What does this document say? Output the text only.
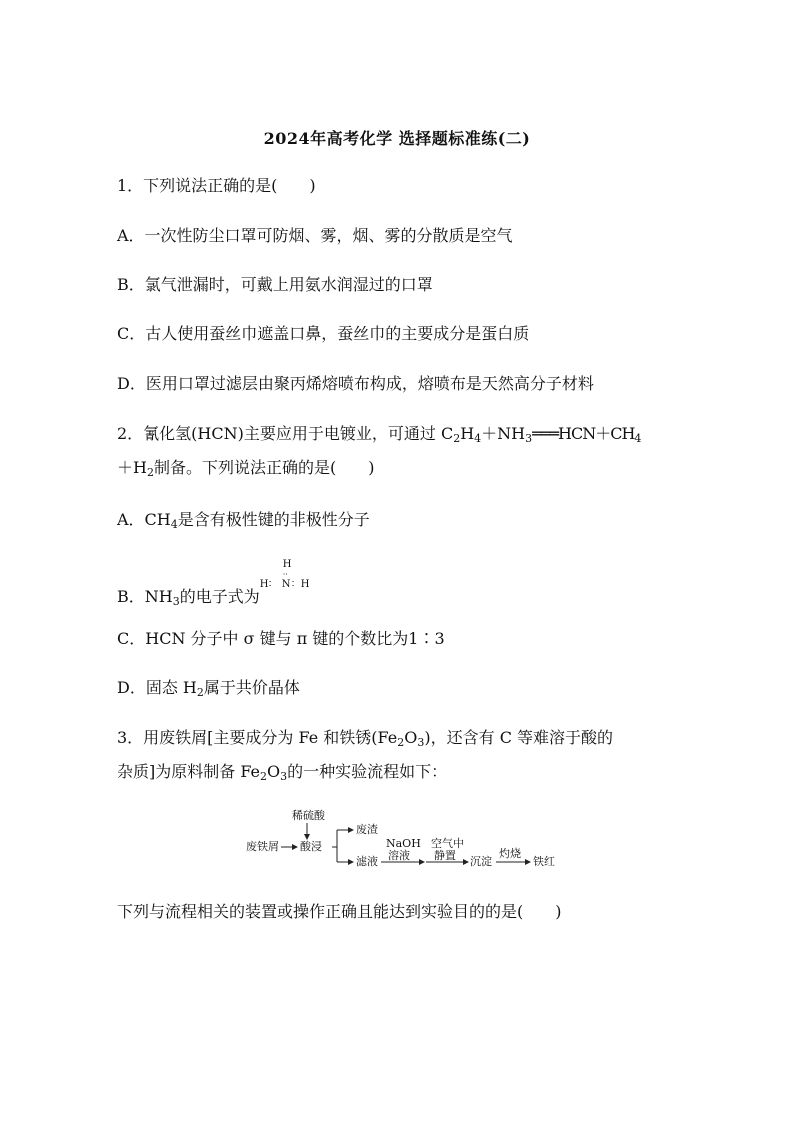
2024年高考化学 选择题标准练(二)
1．下列说法正确的是(　　)
A．一次性防尘口罩可防烟、雾，烟、雾的分散质是空气
B．氯气泄漏时，可戴上用氨水润湿过的口罩
C．古人使用蚕丝巾遮盖口鼻，蚕丝巾的主要成分是蛋白质
D．医用口罩过滤层由聚丙烯熔喷布构成，熔喷布是天然高分子材料
2．氰化氢(HCN)主要应用于电镀业，可通过 $C_2H_4+NH_3═══HCN+CH_4$
$+H_2$制备。下列说法正确的是(　　)
A．$CH_4$是含有极性键的非极性分子
B．$NH_3$的电子式为
H
··
H ∶ N ∶ H
C．HCN 分子中 σ 键与 π 键的个数比为1∶3
D．固态 $H_2$属于共价晶体
3．用废铁屑[主要成分为 Fe 和铁锈$(Fe_2O_3)$，还含有 C 等难溶于酸的
杂质]为原料制备 $Fe_2O_3$的一种实验流程如下：
稀硫酸
废铁屑 酸浸
废渣
滤液
NaOH
溶液
空气中
静置 沉淀
灼烧
铁红
下列与流程相关的装置或操作正确且能达到实验目的的是(　　)
